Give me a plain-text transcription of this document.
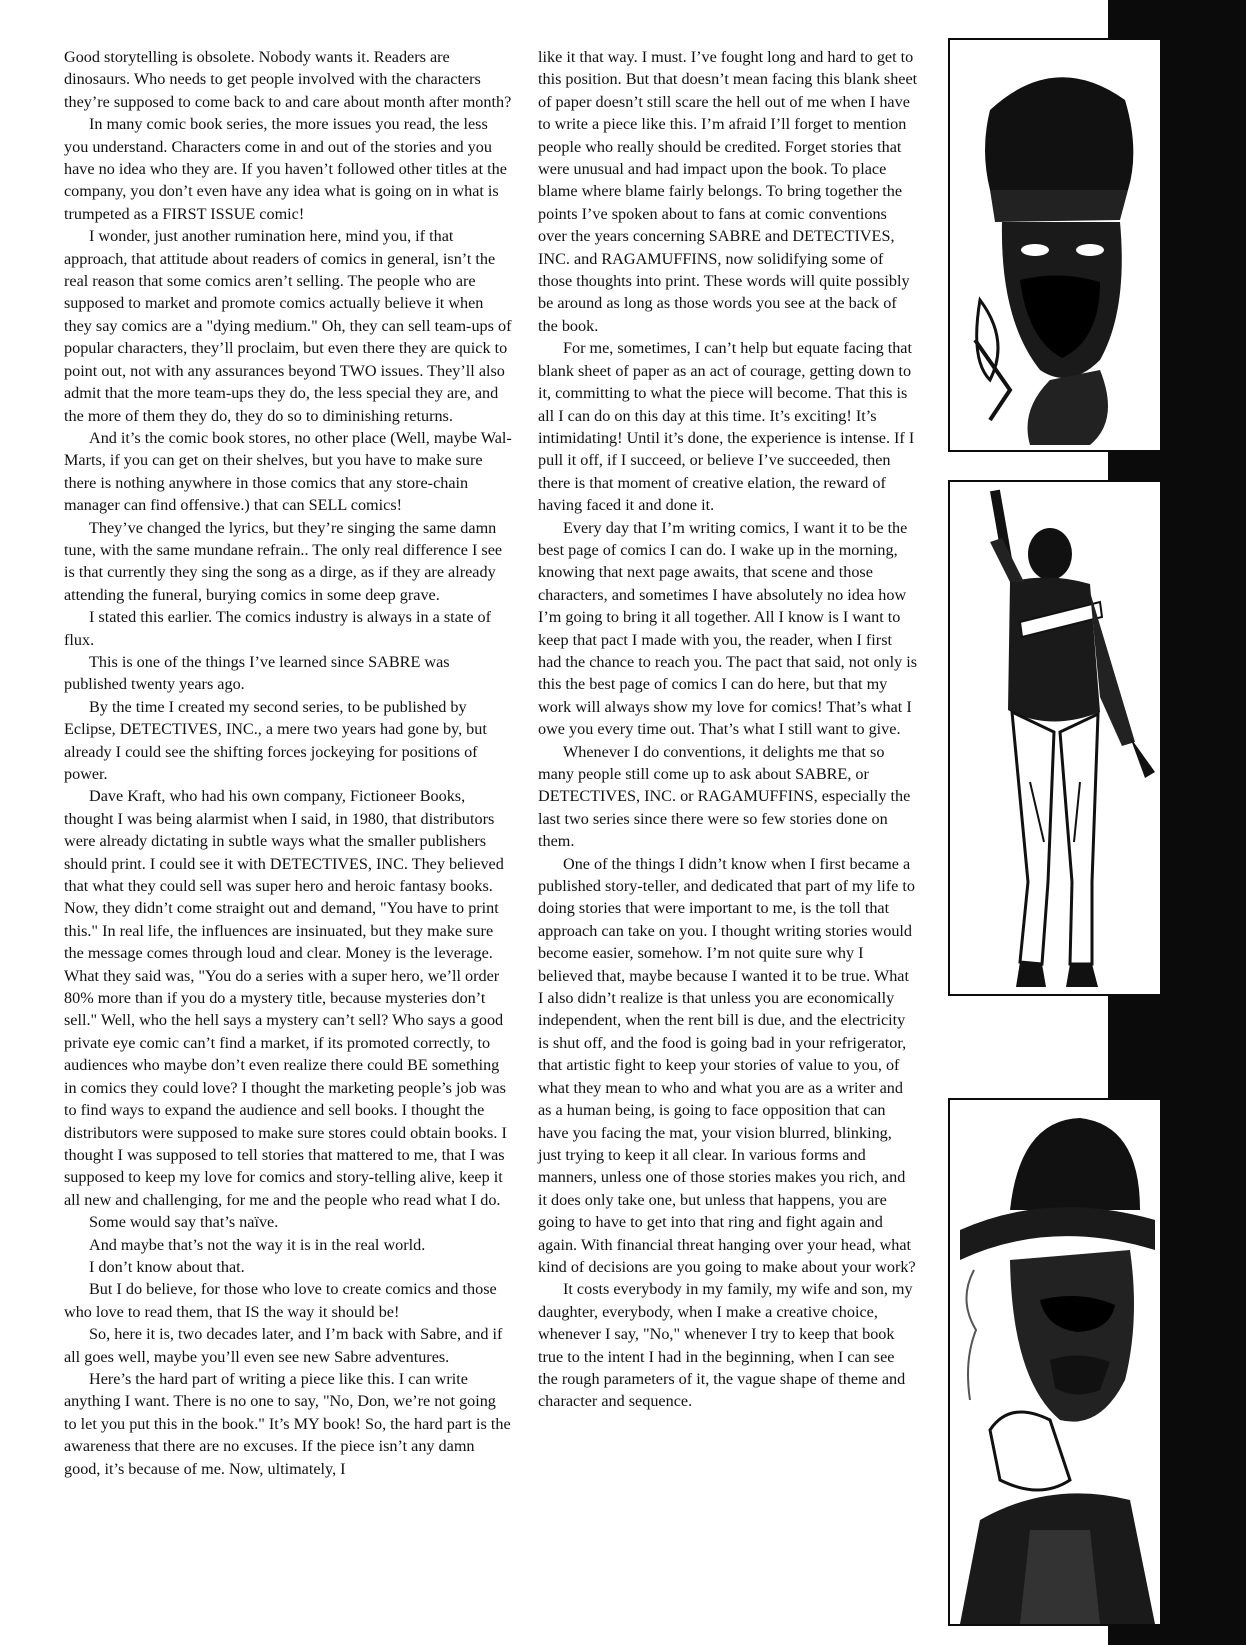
Good storytelling is obsolete. Nobody wants it. Readers are dinosaurs. Who needs to get people involved with the characters they’re supposed to come back to and care about month after month?

In many comic book series, the more issues you read, the less you understand. Characters come in and out of the stories and you have no idea who they are. If you haven’t followed other titles at the company, you don’t even have any idea what is going on in what is trumpeted as a FIRST ISSUE comic!

I wonder, just another rumination here, mind you, if that approach, that attitude about readers of comics in general, isn’t the real reason that some comics aren’t selling. The people who are supposed to market and promote comics actually believe it when they say comics are a "dying medium." Oh, they can sell team-ups of popular characters, they’ll proclaim, but even there they are quick to point out, not with any assurances beyond TWO issues. They’ll also admit that the more team-ups they do, the less special they are, and the more of them they do, they do so to diminishing returns.

And it’s the comic book stores, no other place (Well, maybe Wal-Marts, if you can get on their shelves, but you have to make sure there is nothing anywhere in those comics that any store-chain manager can find offensive.) that can SELL comics!

They’ve changed the lyrics, but they’re singing the same damn tune, with the same mundane refrain.. The only real difference I see is that currently they sing the song as a dirge, as if they are already attending the funeral, burying comics in some deep grave.

I stated this earlier. The comics industry is always in a state of flux.

This is one of the things I’ve learned since SABRE was published twenty years ago.

By the time I created my second series, to be published by Eclipse, DETECTIVES, INC., a mere two years had gone by, but already I could see the shifting forces jockeying for positions of power.

Dave Kraft, who had his own company, Fictioneer Books, thought I was being alarmist when I said, in 1980, that distributors were already dictating in subtle ways what the smaller publishers should print. I could see it with DETECTIVES, INC. They believed that what they could sell was super hero and heroic fantasy books. Now, they didn’t come straight out and demand, "You have to print this." In real life, the influences are insinuated, but they make sure the message comes through loud and clear. Money is the leverage. What they said was, "You do a series with a super hero, we’ll order 80% more than if you do a mystery title, because mysteries don’t sell." Well, who the hell says a mystery can’t sell? Who says a good private eye comic can’t find a market, if its promoted correctly, to audiences who maybe don’t even realize there could BE something in comics they could love? I thought the marketing people’s job was to find ways to expand the audience and sell books. I thought the distributors were supposed to make sure stores could obtain books. I thought I was supposed to tell stories that mattered to me, that I was supposed to keep my love for comics and story-telling alive, keep it all new and challenging, for me and the people who read what I do.

Some would say that’s naïve.

And maybe that’s not the way it is in the real world.

I don’t know about that.

But I do believe, for those who love to create comics and those who love to read them, that IS the way it should be!

So, here it is, two decades later, and I’m back with Sabre, and if all goes well, maybe you’ll even see new Sabre adventures.

Here’s the hard part of writing a piece like this. I can write anything I want. There is no one to say, "No, Don, we’re not going to let you put this in the book." It’s MY book! So, the hard part is the awareness that there are no excuses. If the piece isn’t any damn good, it’s because of me. Now, ultimately, I

like it that way. I must. I’ve fought long and hard to get to this position. But that doesn’t mean facing this blank sheet of paper doesn’t still scare the hell out of me when I have to write a piece like this. I’m afraid I’ll forget to mention people who really should be credited. Forget stories that were unusual and had impact upon the book. To place blame where blame fairly belongs. To bring together the points I’ve spoken about to fans at comic conventions over the years concerning SABRE and DETECTIVES, INC. and RAGAMUFFINS, now solidifying some of those thoughts into print. These words will quite possibly be around as long as those words you see at the back of the book.

For me, sometimes, I can’t help but equate facing that blank sheet of paper as an act of courage, getting down to it, committing to what the piece will become. That this is all I can do on this day at this time. It’s exciting! It’s intimidating! Until it’s done, the experience is intense. If I pull it off, if I succeed, or believe I’ve succeeded, then there is that moment of creative elation, the reward of having faced it and done it.

Every day that I’m writing comics, I want it to be the best page of comics I can do. I wake up in the morning, knowing that next page awaits, that scene and those characters, and sometimes I have absolutely no idea how I’m going to bring it all together. All I know is I want to keep that pact I made with you, the reader, when I first had the chance to reach you. The pact that said, not only is this the best page of comics I can do here, but that my work will always show my love for comics! That’s what I owe you every time out. That’s what I still want to give.

Whenever I do conventions, it delights me that so many people still come up to ask about SABRE, or DETECTIVES, INC. or RAGAMUFFINS, especially the last two series since there were so few stories done on them.

One of the things I didn’t know when I first became a published story-teller, and dedicated that part of my life to doing stories that were important to me, is the toll that approach can take on you. I thought writing stories would become easier, somehow. I’m not quite sure why I believed that, maybe because I wanted it to be true. What I also didn’t realize is that unless you are economically independent, when the rent bill is due, and the electricity is shut off, and the food is going bad in your refrigerator, that artistic fight to keep your stories of value to you, of what they mean to who and what you are as a writer and as a human being, is going to face opposition that can have you facing the mat, your vision blurred, blinking, just trying to keep it all clear. In various forms and manners, unless one of those stories makes you rich, and it does only take one, but unless that happens, you are going to have to get into that ring and fight again and again. With financial threat hanging over your head, what kind of decisions are you going to make about your work?

It costs everybody in my family, my wife and son, my daughter, everybody, when I make a creative choice, whenever I say, "No," whenever I try to keep that book true to the intent I had in the beginning, when I can see the rough parameters of it, the vague shape of theme and character and sequence.
